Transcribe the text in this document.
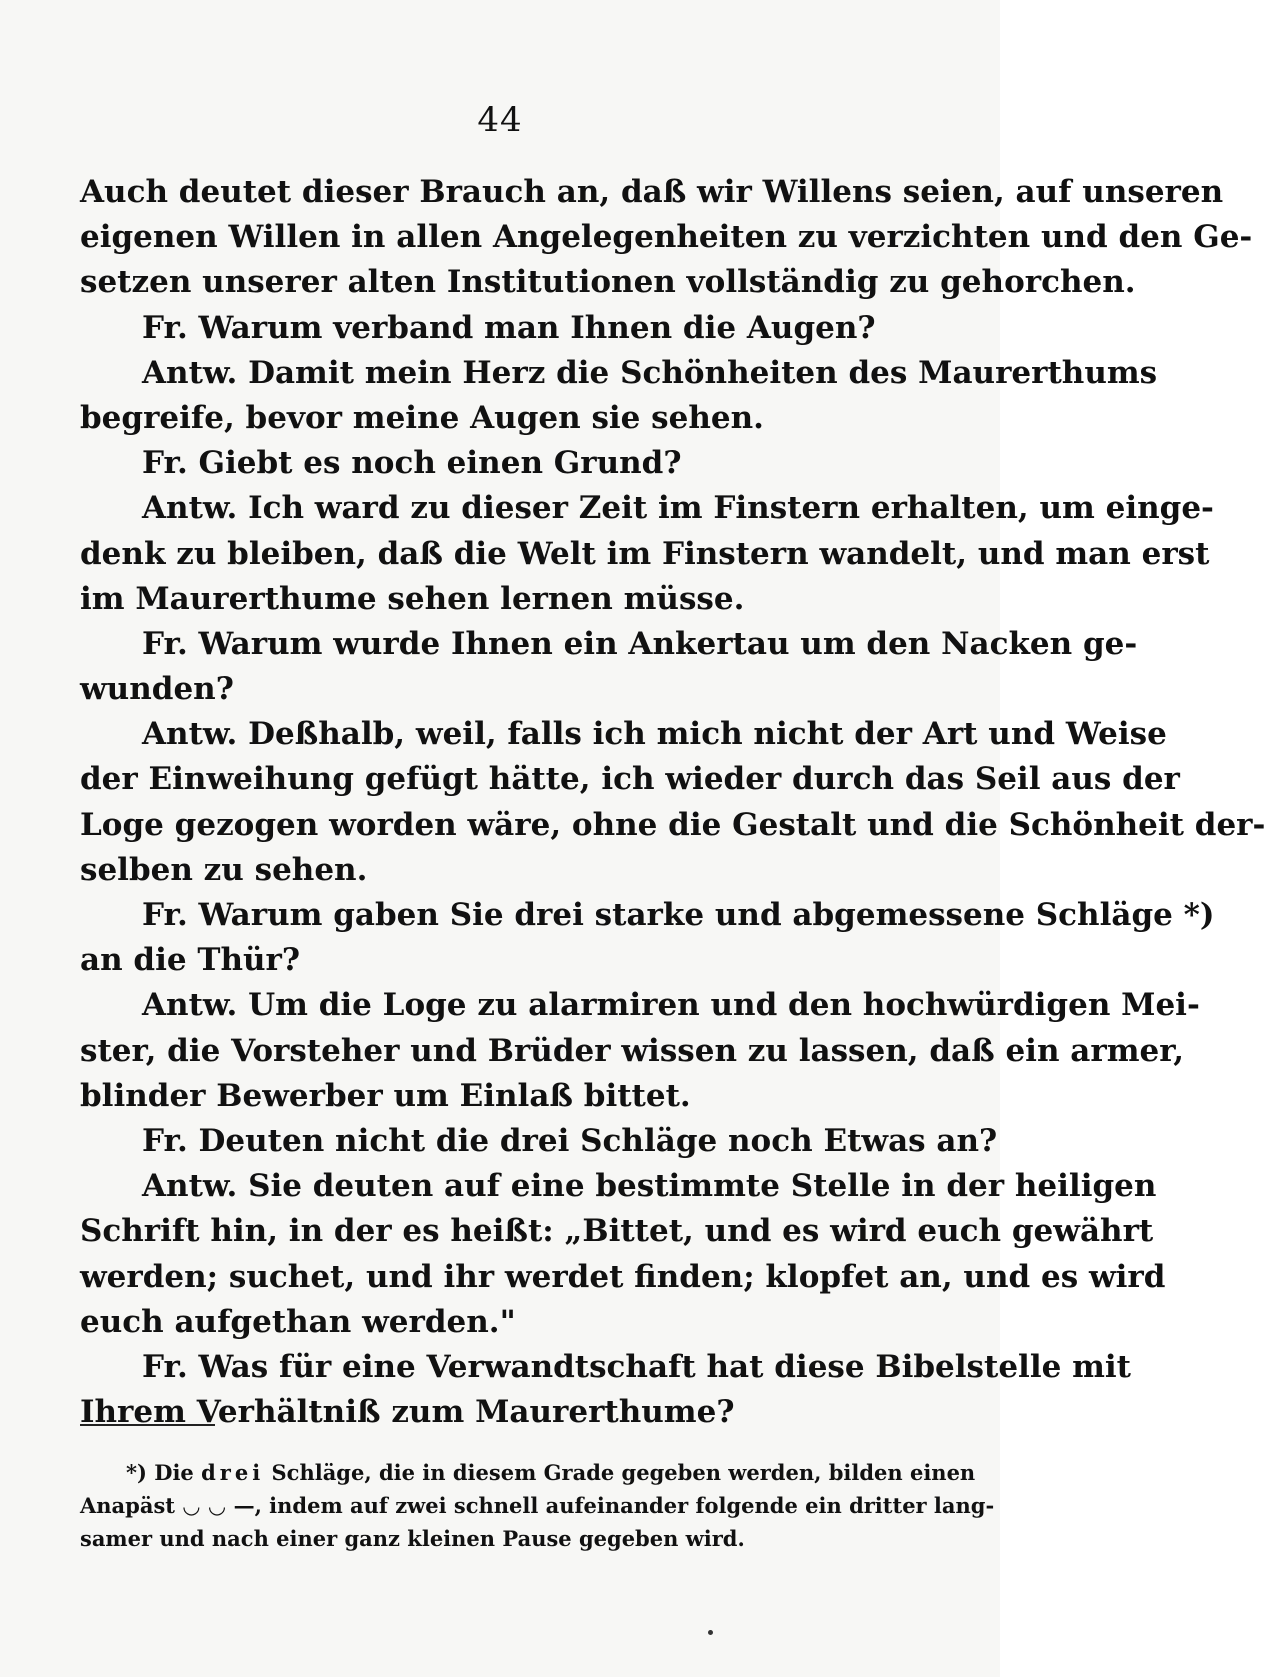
44
Auch deutet dieser Brauch an, daß wir Willens seien, auf unseren
eigenen Willen in allen Angelegenheiten zu verzichten und den Ge-
setzen unserer alten Institutionen vollständig zu gehorchen.
Fr. Warum verband man Ihnen die Augen?
Antw. Damit mein Herz die Schönheiten des Maurerthums
begreife, bevor meine Augen sie sehen.
Fr. Giebt es noch einen Grund?
Antw. Ich ward zu dieser Zeit im Finstern erhalten, um einge-
denk zu bleiben, daß die Welt im Finstern wandelt, und man erst
im Maurerthume sehen lernen müsse.
Fr. Warum wurde Ihnen ein Ankertau um den Nacken ge-
wunden?
Antw. Deßhalb, weil, falls ich mich nicht der Art und Weise
der Einweihung gefügt hätte, ich wieder durch das Seil aus der
Loge gezogen worden wäre, ohne die Gestalt und die Schönheit der-
selben zu sehen.
Fr. Warum gaben Sie drei starke und abgemessene Schläge *)
an die Thür?
Antw. Um die Loge zu alarmiren und den hochwürdigen Mei-
ster, die Vorsteher und Brüder wissen zu lassen, daß ein armer,
blinder Bewerber um Einlaß bittet.
Fr. Deuten nicht die drei Schläge noch Etwas an?
Antw. Sie deuten auf eine bestimmte Stelle in der heiligen
Schrift hin, in der es heißt: „Bittet, und es wird euch gewährt
werden; suchet, und ihr werdet finden; klopfet an, und es wird
euch aufgethan werden."
Fr. Was für eine Verwandtschaft hat diese Bibelstelle mit
Ihrem Verhältniß zum Maurerthume?
*) Die drei Schläge, die in diesem Grade gegeben werden, bilden einen
Anapäst ◡ ◡ —, indem auf zwei schnell aufeinander folgende ein dritter lang-
samer und nach einer ganz kleinen Pause gegeben wird.
